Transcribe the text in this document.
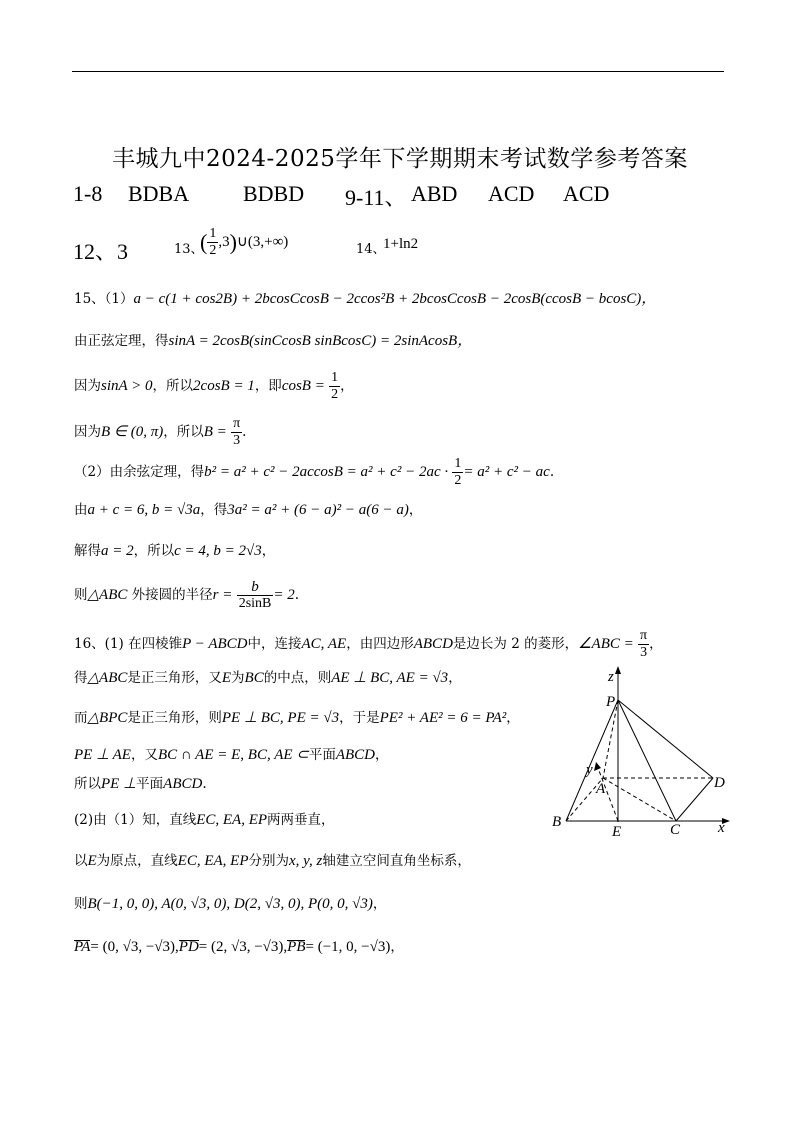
丰城九中2024-2025学年下学期期末考试数学参考答案
1-8 BDBA BDBD 9-11、 ABD ACD ACD
12、3	13、
( $\frac{1}{2}$ ,3)∪(3,+∞)	14、
1+ln2
15、（1）a − c(1 + cos2B) + 2bcosCcosB − 2ccos²B + 2bcosCcosB − 2cosB(ccosB − bcosC)，
由正弦定理，得sinA = 2cosB(sinCcosB sinBcosC) = 2sinAcosB，
因为sinA > 0，所以2cosB = 1，即$\cos B = \frac{1}{2}$ ，
因为B ∈ (0, π)，所以$B = \frac{\pi}{3}$ .
（2）由余弦定理，得$b^2 = a^2 + c^2 - 2accosB = a^2 + c^2 - 2ac \cdot \frac{1}{2} = a^2 + c^2$ − ac.
由a + c = 6, b = √3a，得3a² = a² + (6 − a)² − a(6 − a)，
解得a = 2，所以c = 4, b = 2√3，
则△ABC 外接圆的半径$r = \frac{b}{2\sin B} = 2$.
16、(1) 在四棱锥P − ABCD中，连接AC, AE，由四边形ABCD是边长为 2 的菱形，∠ABC = $\frac{\pi}{3}$ ，
得△ABC是正三角形，又E为BC的中点，则AE ⊥ BC, AE = √3，
而△BPC是正三角形，则PE ⊥ BC, PE = √3，于是PE² + AE² = 6 = PA²，
PE ⊥ AE，又BC ∩ AE = E, BC, AE ⊂平面ABCD，
所以PE ⊥平面ABCD.
(2)由（1）知，直线EC, EA, EP两两垂直，
以E为原点，直线EC, EA, EP分别为x, y, z轴建立空间直角坐标系，
则B(−1, 0, 0), A(0, √3, 0), D(2, √3, 0), P(0, 0, √3)，
PA= (0, √3, −√3),PD= (2, √3, −√3),PB= (−1, 0, −√3)，
z
P
y
A	D
B
E	C	x
